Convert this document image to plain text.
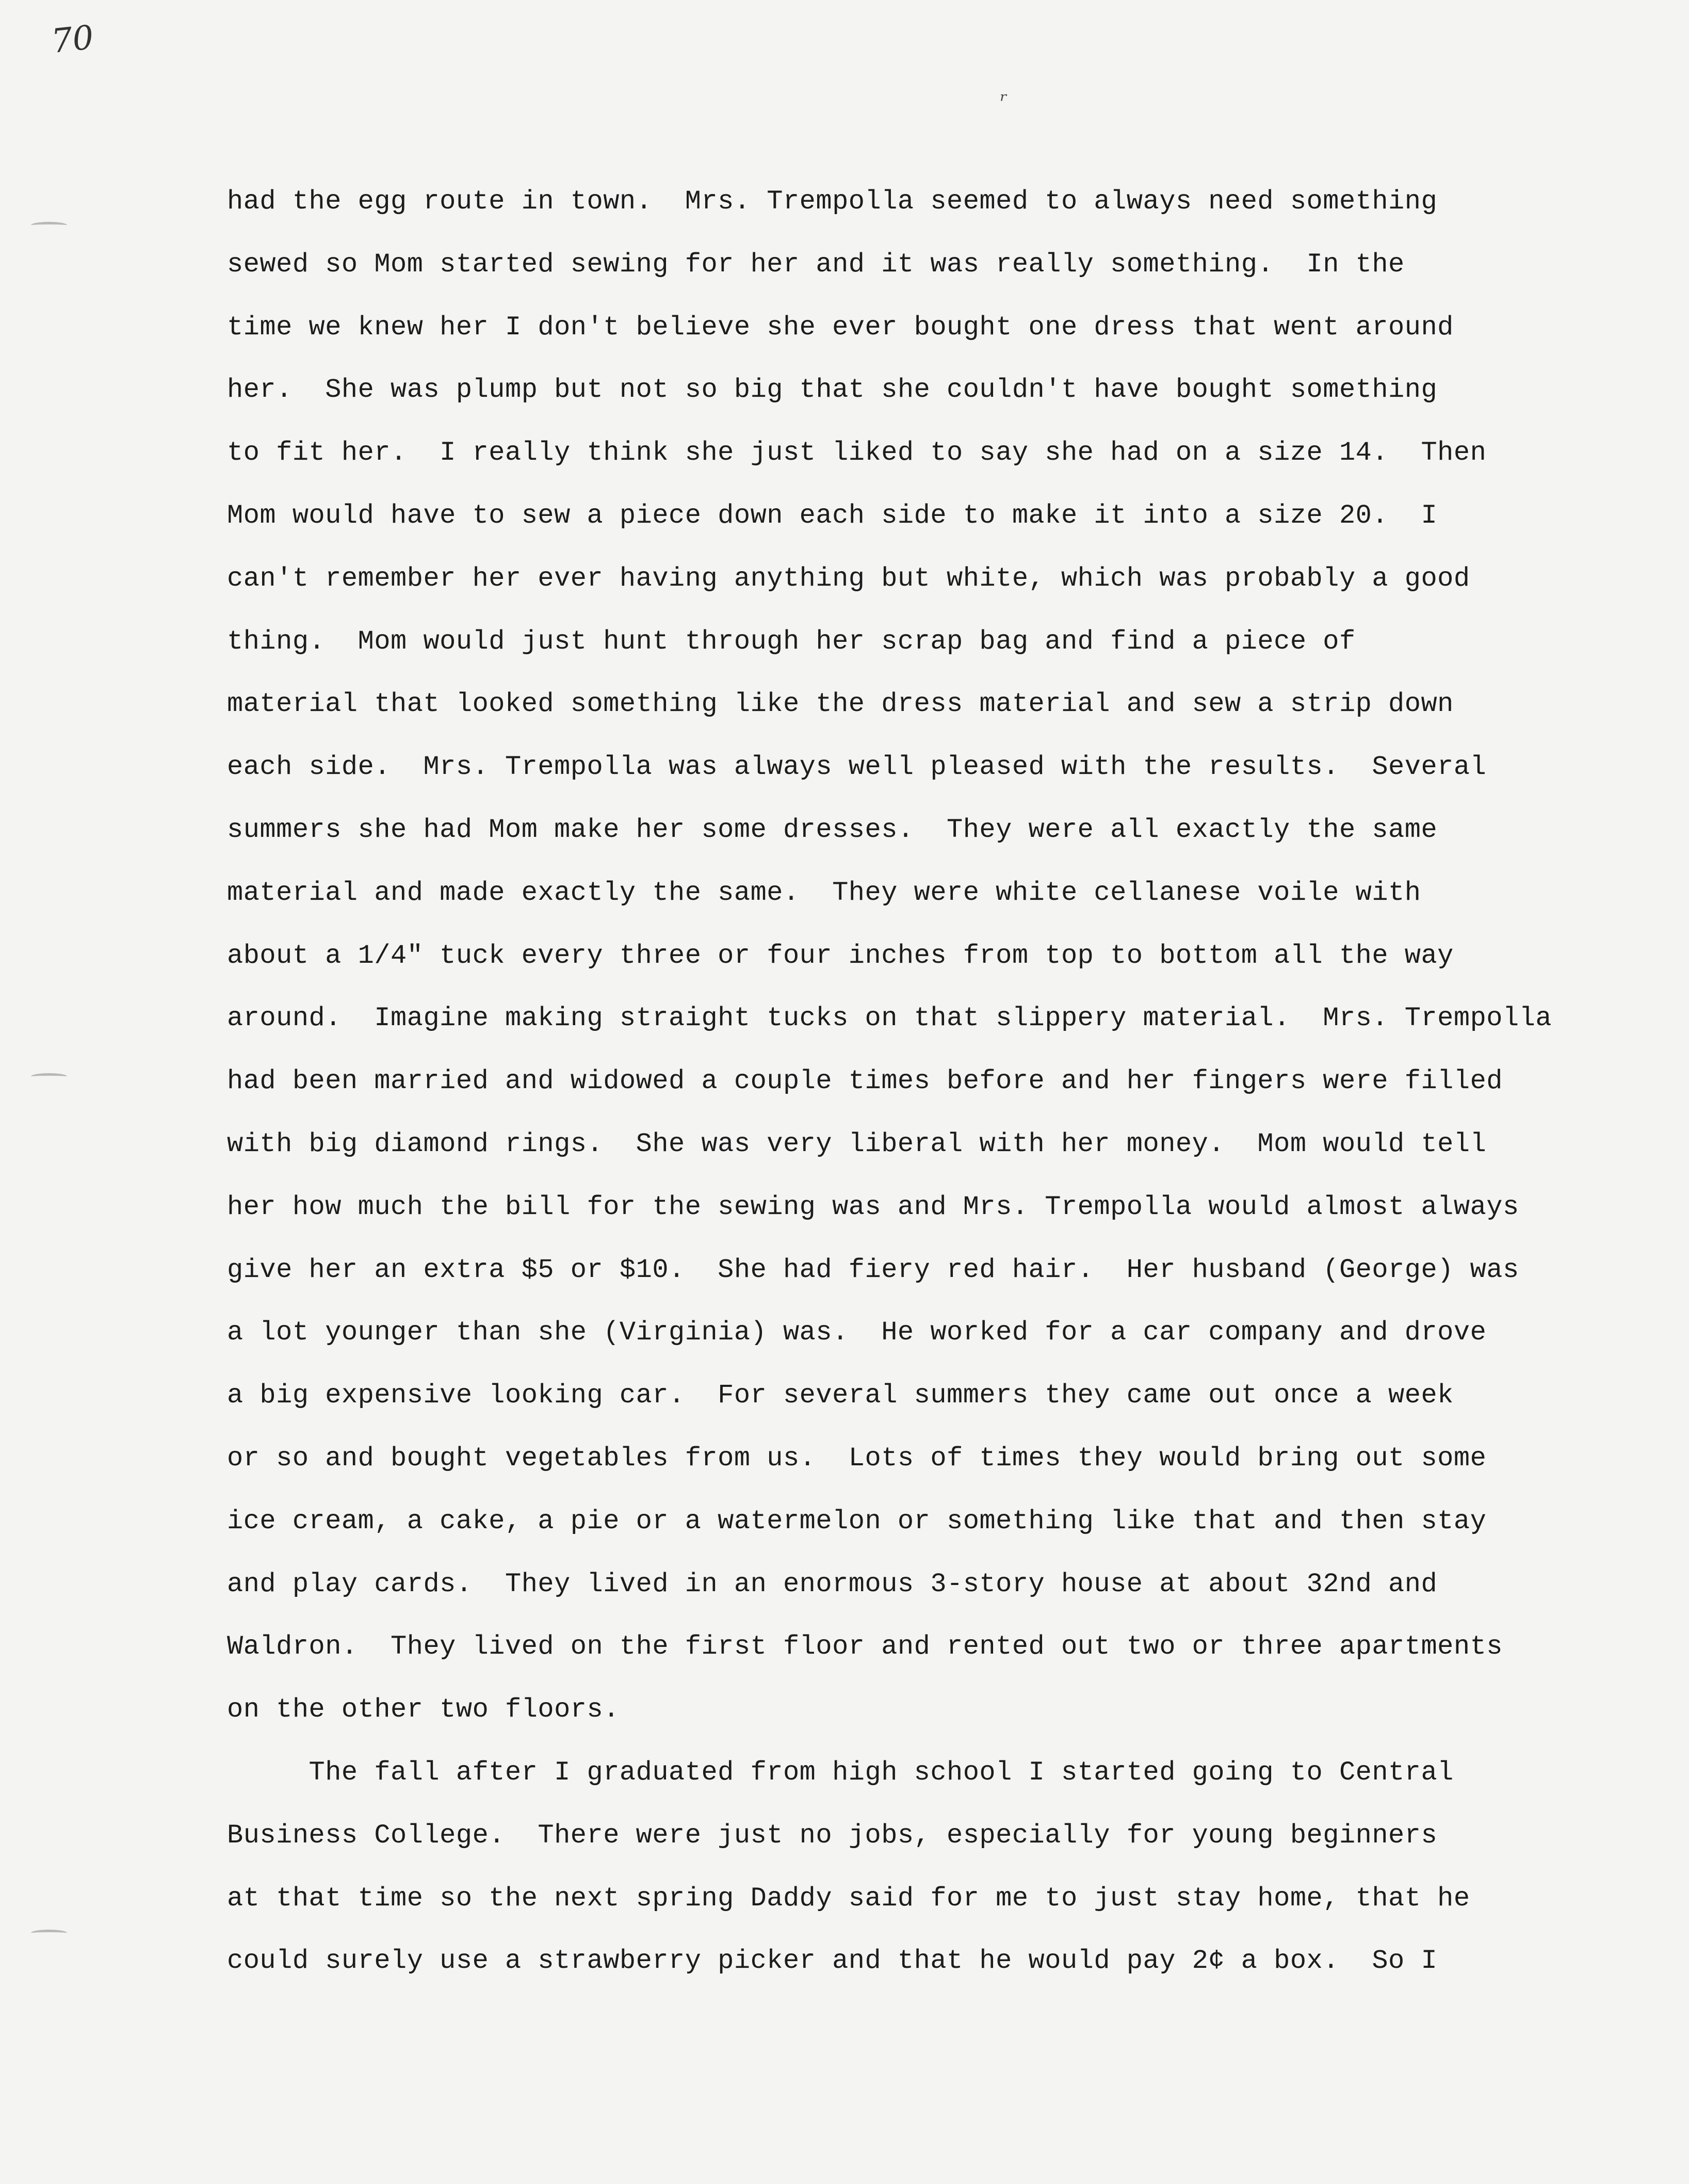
70
ʳ
had the egg route in town.  Mrs. Trempolla seemed to always need something
sewed so Mom started sewing for her and it was really something.  In the
time we knew her I don't believe she ever bought one dress that went around
her.  She was plump but not so big that she couldn't have bought something
to fit her.  I really think she just liked to say she had on a size 14.  Then
Mom would have to sew a piece down each side to make it into a size 20.  I
can't remember her ever having anything but white, which was probably a good
thing.  Mom would just hunt through her scrap bag and find a piece of
material that looked something like the dress material and sew a strip down
each side.  Mrs. Trempolla was always well pleased with the results.  Several
summers she had Mom make her some dresses.  They were all exactly the same
material and made exactly the same.  They were white cellanese voile with
about a 1/4" tuck every three or four inches from top to bottom all the way
around.  Imagine making straight tucks on that slippery material.  Mrs. Trempolla
had been married and widowed a couple times before and her fingers were filled
with big diamond rings.  She was very liberal with her money.  Mom would tell
her how much the bill for the sewing was and Mrs. Trempolla would almost always
give her an extra $5 or $10.  She had fiery red hair.  Her husband (George) was
a lot younger than she (Virginia) was.  He worked for a car company and drove
a big expensive looking car.  For several summers they came out once a week
or so and bought vegetables from us.  Lots of times they would bring out some
ice cream, a cake, a pie or a watermelon or something like that and then stay
and play cards.  They lived in an enormous 3-story house at about 32nd and
Waldron.  They lived on the first floor and rented out two or three apartments
on the other two floors.
The fall after I graduated from high school I started going to Central
Business College.  There were just no jobs, especially for young beginners
at that time so the next spring Daddy said for me to just stay home, that he
could surely use a strawberry picker and that he would pay 2¢ a box.  So I
